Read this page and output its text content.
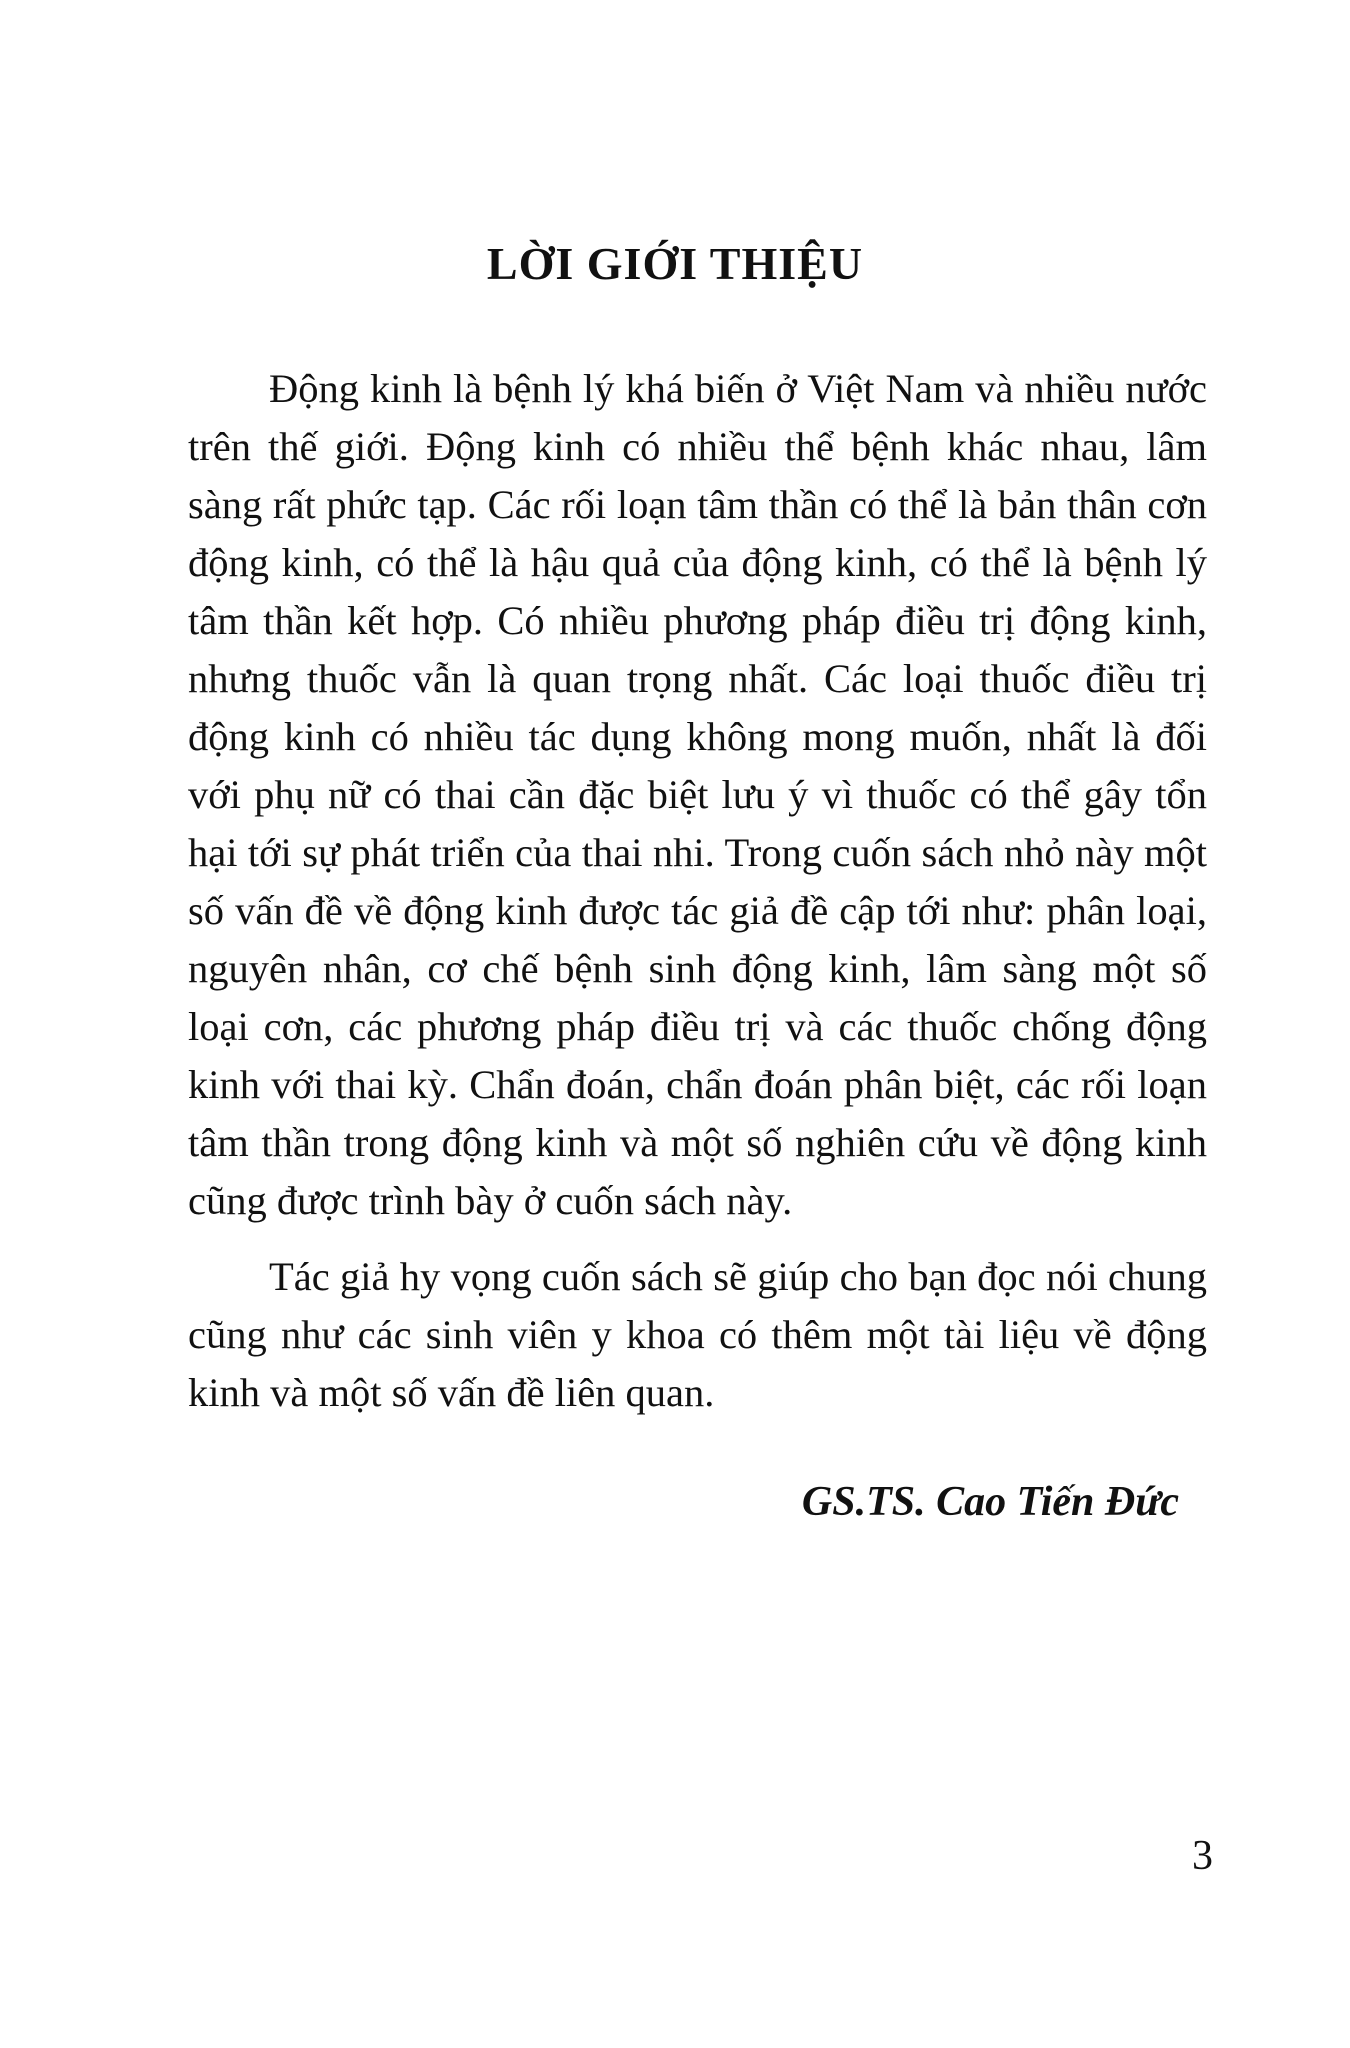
LỜI GIỚI THIỆU

Động kinh là bệnh lý khá biến ở Việt Nam và nhiều nước trên thế giới. Động kinh có nhiều thể bệnh khác nhau, lâm sàng rất phức tạp. Các rối loạn tâm thần có thể là bản thân cơn động kinh, có thể là hậu quả của động kinh, có thể là bệnh lý tâm thần kết hợp. Có nhiều phương pháp điều trị động kinh, nhưng thuốc vẫn là quan trọng nhất. Các loại thuốc điều trị động kinh có nhiều tác dụng không mong muốn, nhất là đối với phụ nữ có thai cần đặc biệt lưu ý vì thuốc có thể gây tổn hại tới sự phát triển của thai nhi. Trong cuốn sách nhỏ này một số vấn đề về động kinh được tác giả đề cập tới như: phân loại, nguyên nhân, cơ chế bệnh sinh động kinh, lâm sàng một số loại cơn, các phương pháp điều trị và các thuốc chống động kinh với thai kỳ. Chẩn đoán, chẩn đoán phân biệt, các rối loạn tâm thần trong động kinh và một số nghiên cứu về động kinh cũng được trình bày ở cuốn sách này.

Tác giả hy vọng cuốn sách sẽ giúp cho bạn đọc nói chung cũng như các sinh viên y khoa có thêm một tài liệu về động kinh và một số vấn đề liên quan.

GS.TS. Cao Tiến Đức
3
